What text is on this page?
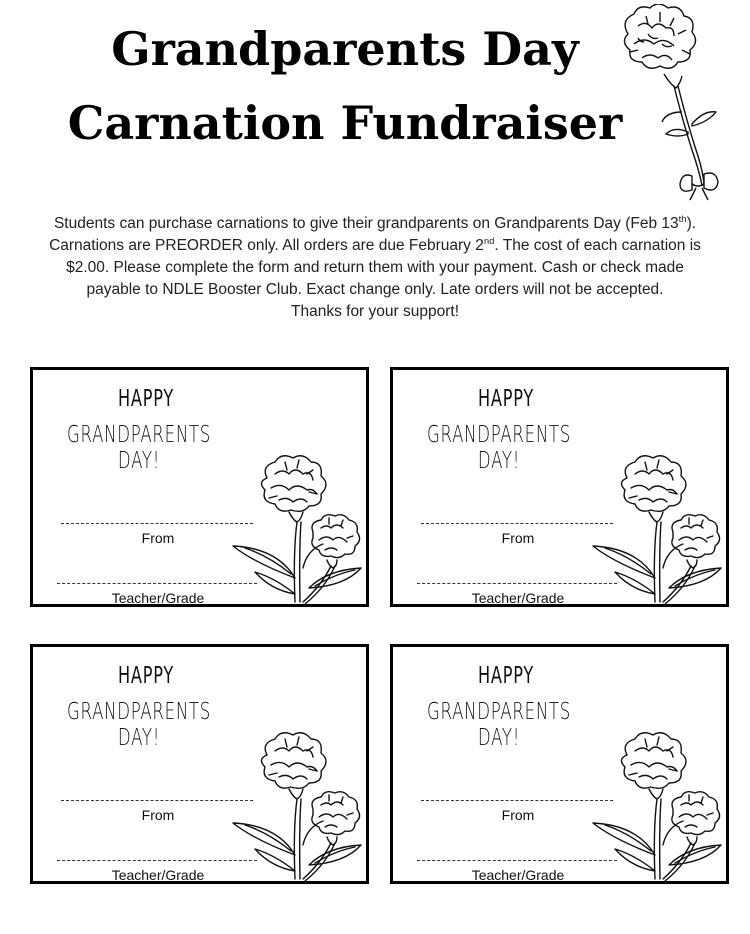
Grandparents Day
Carnation Fundraiser
Students can purchase carnations to give their grandparents on Grandparents Day (Feb 13th).
Carnations are PREORDER only. All orders are due February 2nd. The cost of each carnation is
$2.00. Please complete the form and return them with your payment. Cash or check made
payable to NDLE Booster Club. Exact change only. Late orders will not be accepted.
Thanks for your support!
HAPPY
GRANDPARENTS DAY!
From
Teacher/Grade
HAPPY
GRANDPARENTS DAY!
From
Teacher/Grade
HAPPY
GRANDPARENTS DAY!
From
Teacher/Grade
HAPPY
GRANDPARENTS DAY!
From
Teacher/Grade
